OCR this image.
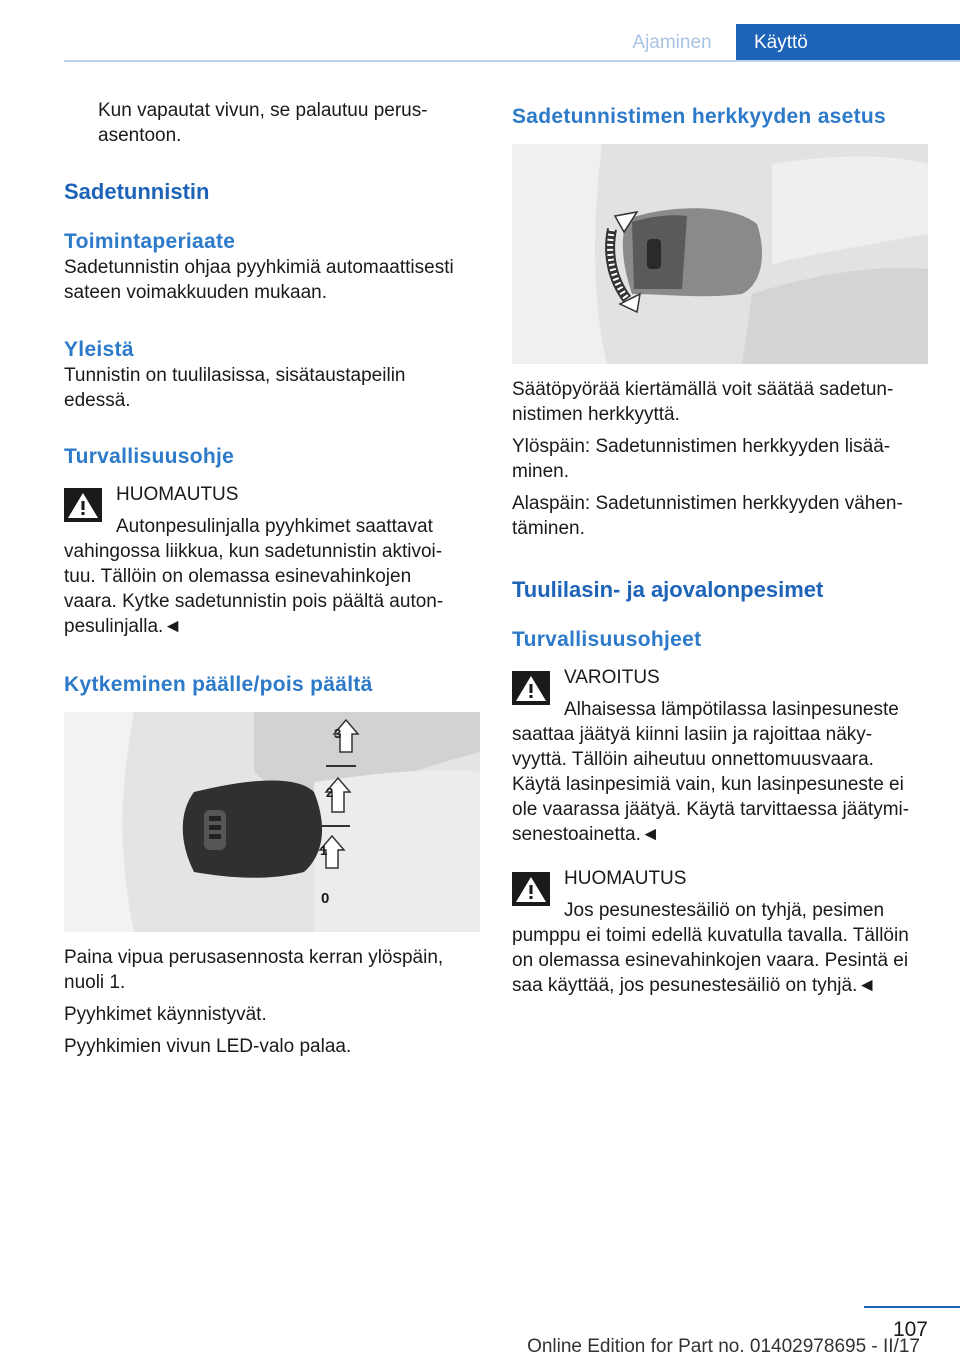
Ajaminen	Käyttö

Kun vapautat vivun, se palautuu perus‐

asentoon.

Sadetunnistin
Toimintaperiaate

Sadetunnistin ohjaa pyyhkimiä automaattisesti

sateen voimakkuuden mukaan.

Yleistä

Tunnistin on tuulilasissa, sisätaustapeilin

edessä.

Turvallisuusohje

HUOMAUTUS

Autonpesulinjalla pyyhkimet saattavat

vahingossa liikkua, kun sadetunnistin aktivoi‐

tuu. Tällöin on olemassa esinevahinkojen

vaara. Kytke sadetunnistin pois päältä auton‐

pesulinjalla.◄

Kytkeminen päälle/pois päältä
3
2
1
0

Paina vipua perusasennosta kerran ylöspäin,

nuoli 1.

Pyyhkimet käynnistyvät.

Pyyhkimien vivun LED-valo palaa.

Sadetunnistimen herkkyyden asetus

Säätöpyörää kiertämällä voit säätää sadetun‐

nistimen herkkyyttä.

Ylöspäin: Sadetunnistimen herkkyyden lisää‐

minen.

Alaspäin: Sadetunnistimen herkkyyden vähen‐

täminen.

Tuulilasin- ja ajovalonpesimet
Turvallisuusohjeet

VAROITUS

Alhaisessa lämpötilassa lasinpesuneste

saattaa jäätyä kiinni lasiin ja rajoittaa näky‐

vyyttä. Tällöin aiheutuu onnettomuusvaara.

Käytä lasinpesimiä vain, kun lasinpesuneste ei

ole vaarassa jäätyä. Käytä tarvittaessa jäätymi‐

senestoainetta.◄

HUOMAUTUS

Jos pesunestesäiliö on tyhjä, pesimen

pumppu ei toimi edellä kuvatulla tavalla. Tällöin

on olemassa esinevahinkojen vaara. Pesintä ei

saa käyttää, jos pesunestesäiliö on tyhjä.◄

107
Online Edition for Part no. 01402978695 - II/17
